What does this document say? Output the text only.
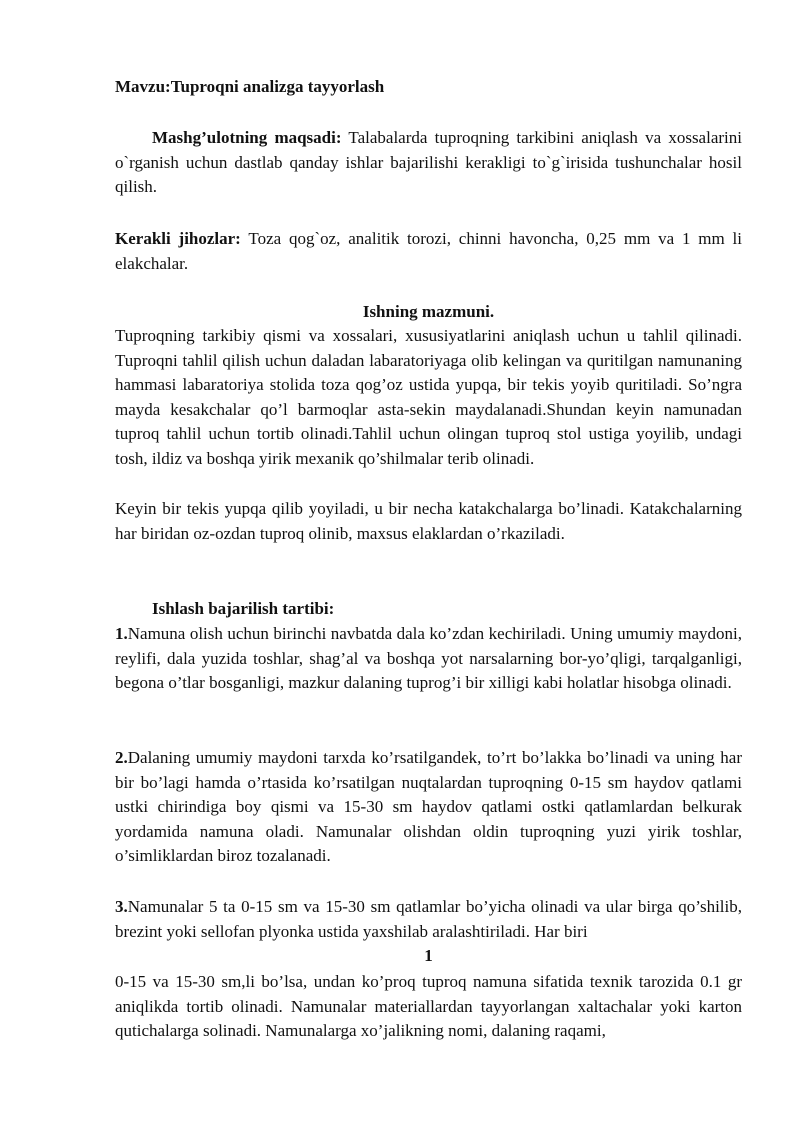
Mavzu:Tuproqni analizga tayyorlash

Mashg’ulotning maqsadi: Talabalarda tuproqning tarkibini aniqlash va xossalarini o`rganish uchun dastlab qanday ishlar bajarilishi kerakligi to`g`irisida tushunchalar hosil qilish.

Kerakli jihozlar: Toza qog`oz, analitik torozi, chinni havoncha, 0,25 mm va 1 mm li elakchalar.

Ishning mazmuni.

Tuproqning tarkibiy qismi va xossalari, xususiyatlarini aniqlash uchun u tahlil qilinadi. Tuproqni tahlil qilish uchun daladan labaratoriyaga olib kelingan va quritilgan namunaning hammasi labaratoriya stolida toza qog’oz ustida yupqa, bir tekis yoyib quritiladi. So’ngra mayda kesakchalar qo’l barmoqlar asta-sekin maydalanadi.Shundan keyin namunadan tuproq tahlil uchun tortib olinadi.Tahlil uchun olingan tuproq stol ustiga yoyilib, undagi tosh, ildiz va boshqa yirik mexanik qo’shilmalar terib olinadi.

Keyin bir tekis yupqa qilib yoyiladi, u bir necha katakchalarga bo’linadi. Katakchalarning har biridan oz-ozdan tuproq olinib, maxsus elaklardan o’rkaziladi.

Ishlash bajarilish tartibi:

1.Namuna olish uchun birinchi navbatda dala ko’zdan kechiriladi. Uning umumiy maydoni, reylifi, dala yuzida toshlar, shag’al va boshqa yot narsalarning bor-yo’qligi, tarqalganligi, begona o’tlar bosganligi, mazkur dalaning tuprog’i bir xilligi kabi holatlar hisobga olinadi.

2.Dalaning umumiy maydoni tarxda ko’rsatilgandek, to’rt bo’lakka bo’linadi va uning har bir bo’lagi hamda o’rtasida ko’rsatilgan nuqtalardan tuproqning 0-15 sm haydov qatlami ustki chirindiga boy qismi va 15-30 sm haydov qatlami ostki qatlamlardan belkurak yordamida namuna oladi. Namunalar olishdan oldin tuproqning yuzi yirik toshlar, o’simliklardan biroz tozalanadi.

3.Namunalar 5 ta 0-15 sm va 15-30 sm qatlamlar bo’yicha olinadi va ular birga qo’shilib, brezint yoki sellofan plyonka ustida yaxshilab aralashtiriladi. Har biri

1

0-15 va 15-30 sm,li bo’lsa, undan ko’proq tuproq namuna sifatida texnik tarozida 0.1 gr aniqlikda tortib olinadi. Namunalar materiallardan tayyorlangan xaltachalar yoki karton qutichalarga solinadi. Namunalarga xo’jalikning nomi, dalaning raqami,
